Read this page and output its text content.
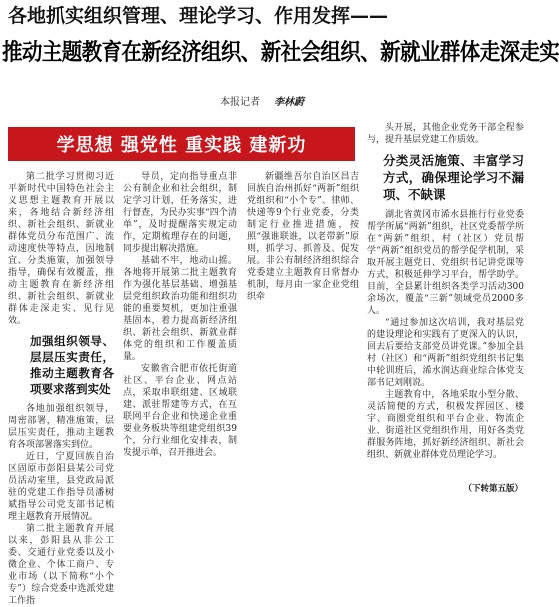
各地抓实组织管理、理论学习、作用发挥——
推动主题教育在新经济组织、新社会组织、新就业群体走深走实
本报记者 李林蔚
学思想 强党性 重实践 建新功

第二批学习贯彻习近平新时代中国特色社会主义思想主题教育开展以来，各地结合新经济组织、新社会组织、新就业群体党员分布范围广、流动速度快等特点，因地制宜、分类施策，加强领导指导，确保有效覆盖，推动主题教育在新经济组织、新社会组织、新就业群体走深走实、见行见效。

加强组织领导、层层压实责任，推动主题教育各项要求落到实处

各地加强组织领导，周密部署，精准施策，层层压实责任，推动主题教育各项部署落实到位。

近日，宁夏回族自治区固原市彭阳县某公司党员活动室里，县党政局派驻的党建工作指导员潘树斌指导公司党支部书记梳理主题教育开展情况。

第二批主题教育开展以来，彭阳县从非公工委、交通行业党委以及小微企业、个体工商户、专业市场（以下简称“小个专”）综合党委中选派党建工作指

导员，定向指导重点非公有制企业和社会组织，制定学习计划，任务落实，进行督查，为民办实事“四个清单”，及时提醒落实规定动作，定期梳理存在的问题，同步提出解决措施。

基础不牢，地动山摇。各地将开展第二批主题教育作为强化基层基础、增强基层党组织政治功能和组织功能的重要契机，更加注重强基固本，着力提高新经济组织、新社会组织、新就业群体党的组织和工作覆盖质量。

安徽省合肥市依托街道社区、平台企业、网点站点，采取串联组建、区域联建、派驻帮建等方式，在互联网平台企业和快递企业重要业务板块等组建党组织39个，分行业细化安排表，制发提示单，召开推进会。

新疆维吾尔自治区昌吉回族自治州抓好“两新”组织党组织和“小个专”、律师、快递等9个行业党委，分类制定行业推进措施，按照“强谁联谁，以老带新”原则，抓学习、抓普及、促发展。非公有制经济组织综合党委建立主题教育日常督办机制，每月由一家企业党组织牵

头开展，其他企业党务干部全程参与，提升基层党建工作质效。

分类灵活施策、丰富学习方式，确保理论学习不漏项、不缺课

湖北省黄冈市浠水县推行行业党委帮学所属“两新”组织，社区党委帮学所在“两新”组织、村（社区）党员帮学“两新”组织党员的帮学促学机制，采取开展主题党日、党组织书记讲党课等方式，积极延伸学习平台，帮学助学。目前，全县累计组织各类学习活动300余场次，覆盖“三新”领域党员2000多人。

“通过参加这次培训，我对基层党的建设理论和实践有了更深入的认识，回去后要给支部党员讲党课。”参加全县村（社区）和“两新”组织党组织书记集中轮训班后，浠水润达商业综合体党支部书记刘刚说。

主题教育中，各地采取小型分散、灵活简便的方式，积极发挥园区、楼宇、商圈党组织和平台企业、物流企业、街道社区党组织作用，用好各类党群服务阵地，抓好新经济组织、新社会组织、新就业群体党员理论学习。

（下转第五版）
